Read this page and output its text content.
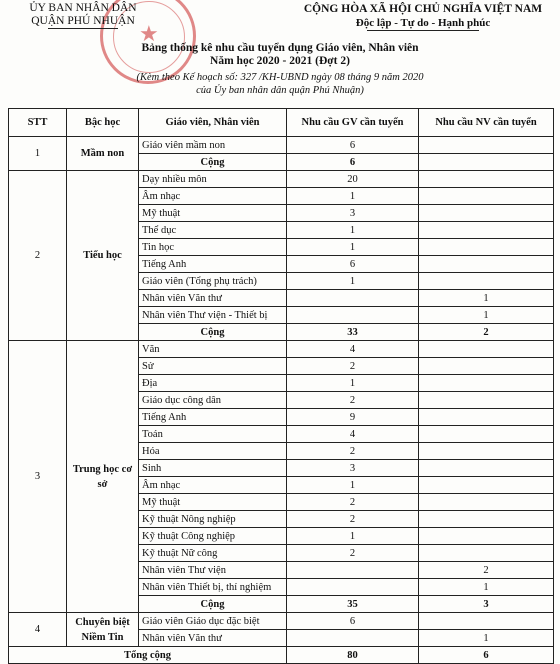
★
ỦY BAN NHÂN DÂN
QUẬN PHÚ NHUẬN
CỘNG HÒA XÃ HỘI CHỦ NGHĨA VIỆT NAM
Độc lập - Tự do - Hạnh phúc
Bảng thống kê nhu cầu tuyển dụng Giáo viên, Nhân viên
Năm học 2020 - 2021 (Đợt 2)
(Kèm theo Kế hoạch số: 327 /KH-UBND ngày 08 tháng 9 năm 2020
của Ủy ban nhân dân quận Phú Nhuận)
STT	Bậc học	Giáo viên, Nhân viên	Nhu cầu GV cần tuyển	Nhu cầu NV cần tuyển
1	Mầm non	Giáo viên mầm non	6	
		Cộng	6	
2	Tiểu học	Dạy nhiều môn	20	
		Âm nhạc	1	
		Mỹ thuật	3	
		Thể dục	1	
		Tin học	1	
		Tiếng Anh	6	
		Giáo viên (Tổng phụ trách)	1	
		Nhân viên Văn thư		1
		Nhân viên Thư viện - Thiết bị		1
		Cộng	33	2
3	Trung học cơ sở	Văn	4	
		Sử	2	
		Địa	1	
		Giáo dục công dân	2	
		Tiếng Anh	9	
		Toán	4	
		Hóa	2	
		Sinh	3	
		Âm nhạc	1	
		Mỹ thuật	2	
		Kỹ thuật Nông nghiệp	2	
		Kỹ thuật Công nghiệp	1	
		Kỹ thuật Nữ công	2	
		Nhân viên Thư viện		2
		Nhân viên Thiết bị, thí nghiệm		1
		Cộng	35	3
4	Chuyên biệt Niềm Tin	Giáo viên Giáo dục đặc biệt	6	
		Nhân viên Văn thư		1
Tổng cộng			80	6
